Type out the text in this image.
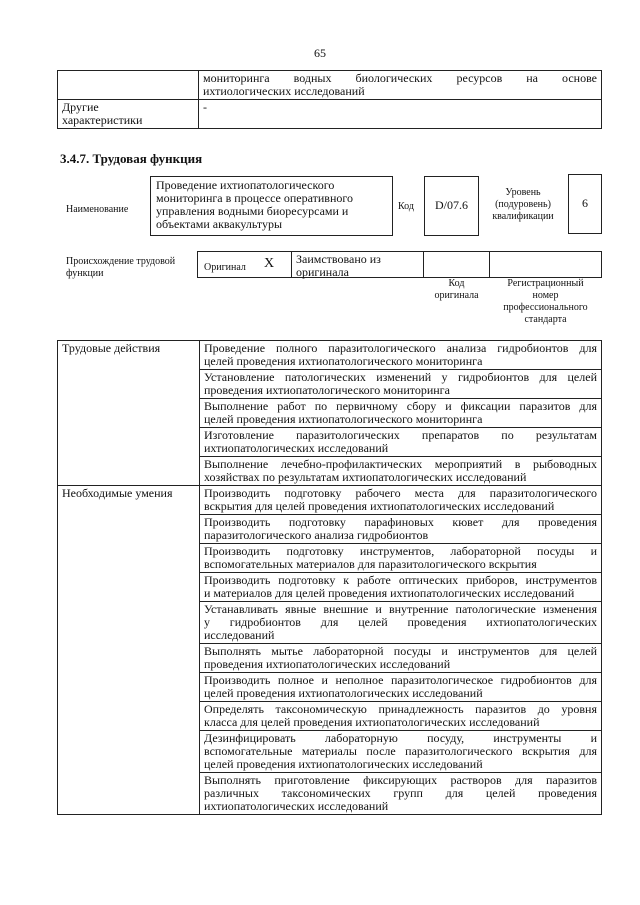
65

	мониторинга водных биологических ресурсов на основе
ихтиологических исследований

Другие
характеристики	-
3.4.7. Трудовая функция
Наименование
Проведение ихтиопатологического
мониторинга в процессе оперативного
управления водными биоресурсами и
объектами аквакультуры
Код	D/07.6
Уровень
(подуровень)
квалификации
6
Происхождение трудовой
функции
Оригинал X Заимствовано из
оригинала
Код
оригинала
Регистрационный
номер
профессионального
стандарта
Трудовые действия	Проведение полного паразитологического анализа гидробионтов для
целей проведения ихтиопатологического мониторинга

	Установление патологических изменений у гидробионтов для целей
проведения ихтиопатологического мониторинга

	Выполнение работ по первичному сбору и фиксации паразитов для
целей проведения ихтиопатологического мониторинга

	Изготовление паразитологических препаратов по результатам
ихтиопатологических исследований

	Выполнение лечебно-профилактических мероприятий в рыбоводных
хозяйствах по результатам ихтиопатологических исследований

Необходимые умения	Производить подготовку рабочего места для паразитологического
вскрытия для целей проведения ихтиопатологических исследований

	Производить подготовку парафиновых кювет для проведения
паразитологического анализа гидробионтов

	Производить подготовку инструментов, лабораторной посуды и
вспомогательных материалов для паразитологического вскрытия

	Производить подготовку к работе оптических приборов, инструментов
и материалов для целей проведения ихтиопатологических исследований

	Устанавливать явные внешние и внутренние патологические изменения
у гидробионтов для целей проведения ихтиопатологических
исследований

	Выполнять мытье лабораторной посуды и инструментов для целей
проведения ихтиопатологических исследований

	Производить полное и неполное паразитологическое гидробионтов для
целей проведения ихтиопатологических исследований

	Определять таксономическую принадлежность паразитов до уровня
класса для целей проведения ихтиопатологических исследований

	Дезинфицировать лабораторную посуду, инструменты и
вспомогательные материалы после паразитологического вскрытия для
целей проведения ихтиопатологических исследований

	Выполнять приготовление фиксирующих растворов для паразитов
различных таксономических групп для целей проведения
ихтиопатологических исследований
